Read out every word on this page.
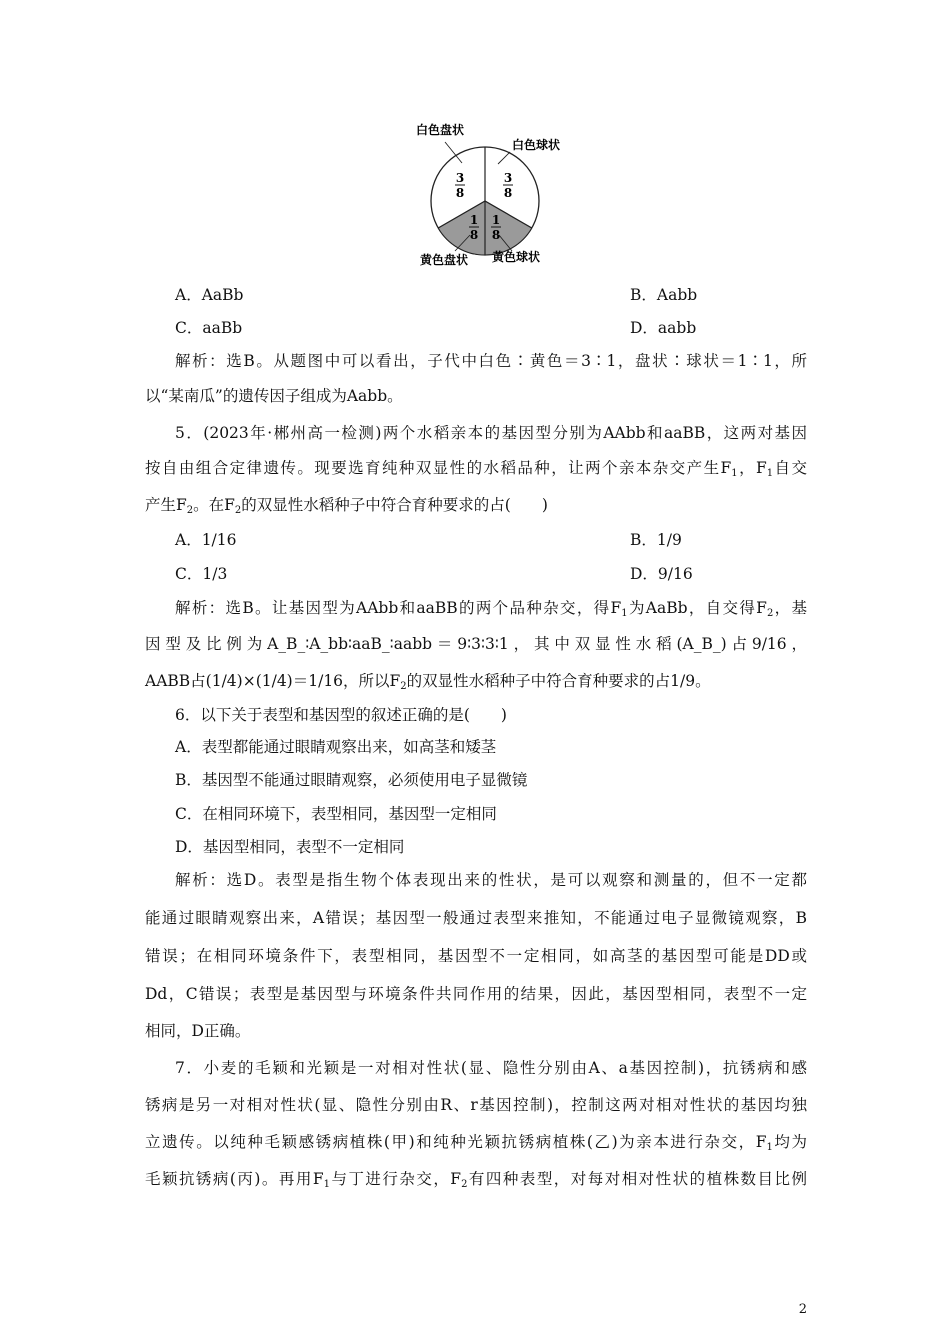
白色盘状
白色球状
黄色盘状 黄色球状
3
8
3
8
1
8
1
8
A．AaBb	B．Aabb
C．aaBb	D．aabb
解析：选B。从题图中可以看出，子代中白色∶黄色＝3∶1，盘状∶球状＝1∶1，所
以“某南瓜”的遗传因子组成为Aabb。
5．(2023年·郴州高一检测)两个水稻亲本的基因型分别为AAbb和aaBB，这两对基因
按自由组合定律遗传。现要选育纯种双显性的水稻品种，让两个亲本杂交产生$F_1$，$F_1$自交
产生$F_2$。在$F_2$的双显性水稻种子中符合育种要求的占(　　)
A．1/16	B．1/9
C．1/3	D．9/16
解析：选B。让基因型为AAbb和aaBB的两个品种杂交，得$F_1$为AaBb，自交得$F_2$，基
因型及比例为A_B_∶A_bb∶aaB_∶aabb＝9∶3∶3∶1，其中双显性水稻(A_B_)占9/16，
AABB占(1/4)×(1/4)＝1/16，所以$F_2$的双显性水稻种子中符合育种要求的占1/9。
6．以下关于表型和基因型的叙述正确的是(　　)
A．表型都能通过眼睛观察出来，如高茎和矮茎
B．基因型不能通过眼睛观察，必须使用电子显微镜
C．在相同环境下，表型相同，基因型一定相同
D．基因型相同，表型不一定相同
解析：选D。表型是指生物个体表现出来的性状，是可以观察和测量的，但不一定都
能通过眼睛观察出来，A错误；基因型一般通过表型来推知，不能通过电子显微镜观察，B
错误；在相同环境条件下，表型相同，基因型不一定相同，如高茎的基因型可能是DD或
Dd，C错误；表型是基因型与环境条件共同作用的结果，因此，基因型相同，表型不一定
相同，D正确。
7．小麦的毛颖和光颖是一对相对性状(显、隐性分别由A、a基因控制)，抗锈病和感
锈病是另一对相对性状(显、隐性分别由R、r基因控制)，控制这两对相对性状的基因均独
立遗传。以纯种毛颖感锈病植株(甲)和纯种光颖抗锈病植株(乙)为亲本进行杂交，$F_1$均为
毛颖抗锈病(丙)。再用$F_1$与丁进行杂交，$F_2$有四种表型，对每对相对性状的植株数目比例
2
